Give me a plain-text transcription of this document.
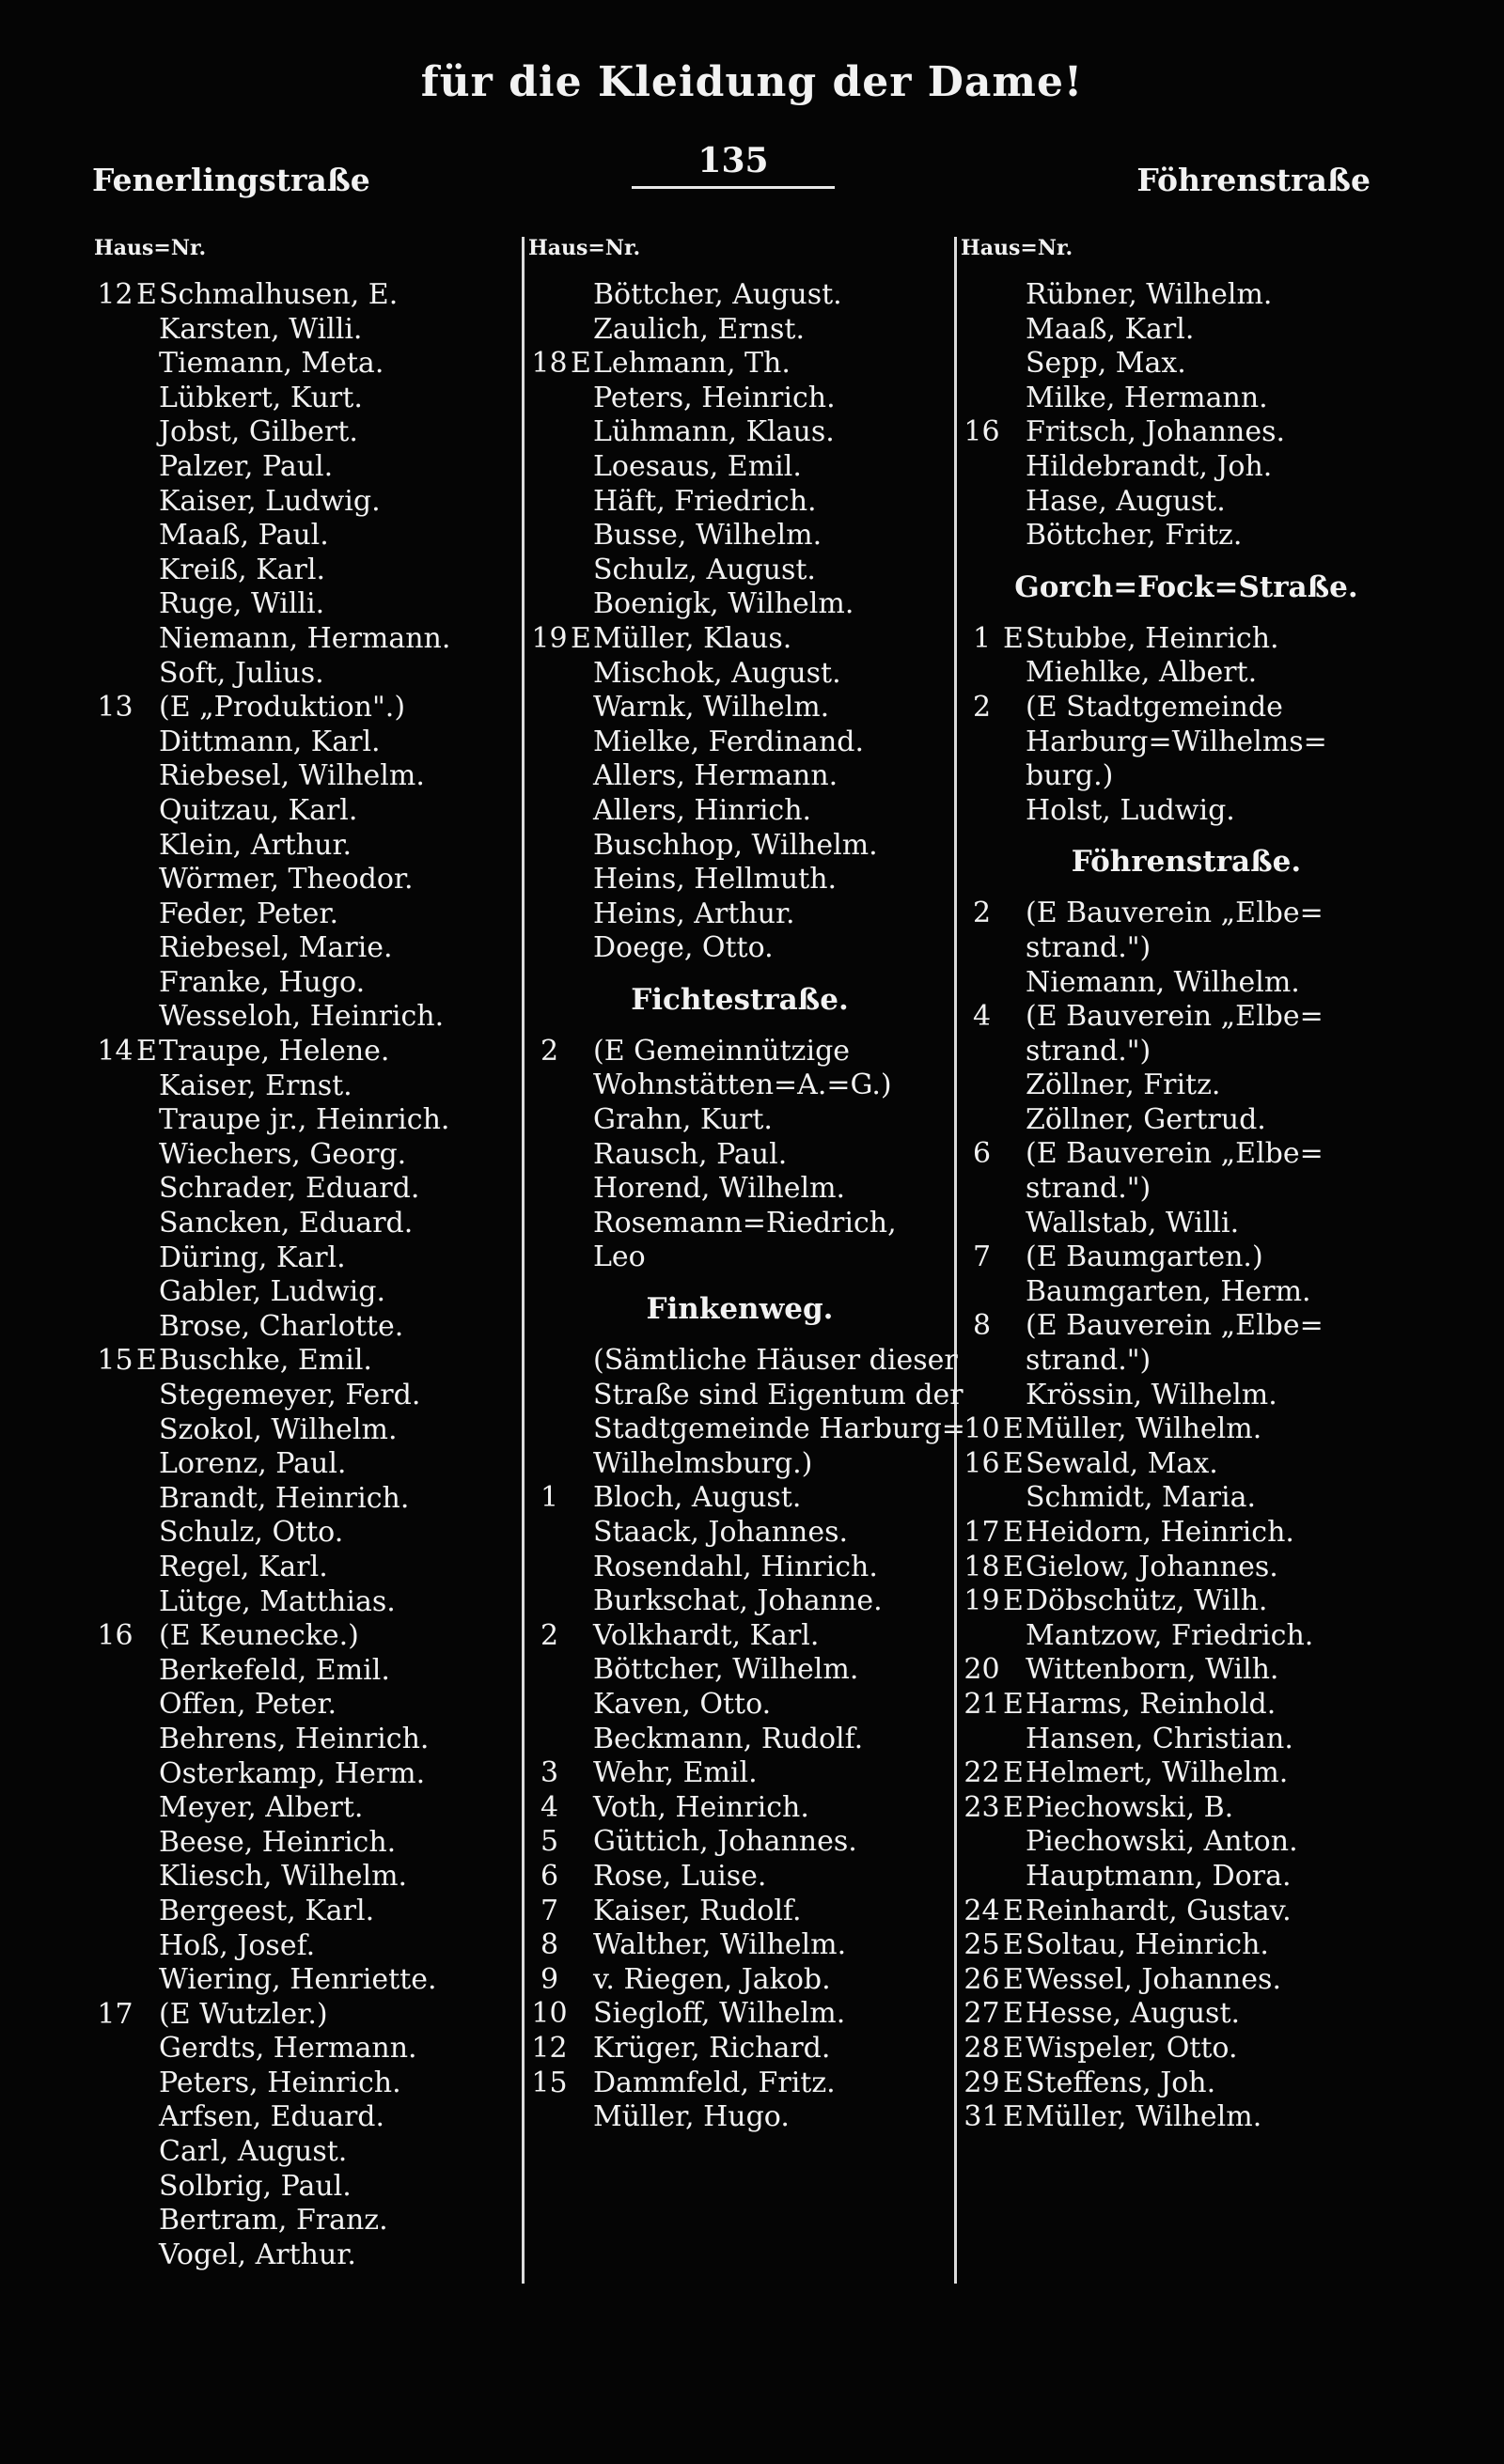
für die Kleidung der Dame!
Fenerlingstraße	135	Föhrenstraße
Haus=Nr.
12 E Schmalhusen, E.
Karsten, Willi.
Tiemann, Meta.
Lübkert, Kurt.
Jobst, Gilbert.
Palzer, Paul.
Kaiser, Ludwig.
Maaß, Paul.
Kreiß, Karl.
Ruge, Willi.
Niemann, Hermann.
Soft, Julius.
13 (E „Produktion".)
Dittmann, Karl.
Riebesel, Wilhelm.
Quitzau, Karl.
Klein, Arthur.
Wörmer, Theodor.
Feder, Peter.
Riebesel, Marie.
Franke, Hugo.
Wesseloh, Heinrich.
14 E Traupe, Helene.
Kaiser, Ernst.
Traupe jr., Heinrich.
Wiechers, Georg.
Schrader, Eduard.
Sancken, Eduard.
Düring, Karl.
Gabler, Ludwig.
Brose, Charlotte.
15 E Buschke, Emil.
Stegemeyer, Ferd.
Szokol, Wilhelm.
Lorenz, Paul.
Brandt, Heinrich.
Schulz, Otto.
Regel, Karl.
Lütge, Matthias.
16 (E Keunecke.)
Berkefeld, Emil.
Offen, Peter.
Behrens, Heinrich.
Osterkamp, Herm.
Meyer, Albert.
Beese, Heinrich.
Kliesch, Wilhelm.
Bergeest, Karl.
Hoß, Josef.
Wiering, Henriette.
17 (E Wutzler.)
Gerdts, Hermann.
Peters, Heinrich.
Arfsen, Eduard.
Carl, August.
Solbrig, Paul.
Bertram, Franz.
Vogel, Arthur.
Haus=Nr.
Böttcher, August.
Zaulich, Ernst.
18 E Lehmann, Th.
Peters, Heinrich.
Lühmann, Klaus.
Loesaus, Emil.
Häft, Friedrich.
Busse, Wilhelm.
Schulz, August.
Boenigk, Wilhelm.
19 E Müller, Klaus.
Mischok, August.
Warnk, Wilhelm.
Mielke, Ferdinand.
Allers, Hermann.
Allers, Hinrich.
Buschhop, Wilhelm.
Heins, Hellmuth.
Heins, Arthur.
Doege, Otto.
Fichtestraße.
2	(E Gemeinnützige
Wohnstätten=A.=G.)
Grahn, Kurt.
Rausch, Paul.
Horend, Wilhelm.
Rosemann=Riedrich,
Leo
Finkenweg.
(Sämtliche Häuser dieser
Straße sind Eigentum der
Stadtgemeinde Harburg=
Wilhelmsburg.)
1	Bloch, August.
Staack, Johannes.
Rosendahl, Hinrich.
Burkschat, Johanne.
2	Volkhardt, Karl.
Böttcher, Wilhelm.
Kaven, Otto.
Beckmann, Rudolf.
3	Wehr, Emil.
4	Voth, Heinrich.
5	Güttich, Johannes.
6	Rose, Luise.
7	Kaiser, Rudolf.
8	Walther, Wilhelm.
9	v. Riegen, Jakob.
10 Siegloff, Wilhelm.
12 Krüger, Richard.
15 Dammfeld, Fritz.
Müller, Hugo.
Haus=Nr.
Rübner, Wilhelm.
Maaß, Karl.
Sepp, Max.
Milke, Hermann.
16 Fritsch, Johannes.
Hildebrandt, Joh.
Hase, August.
Böttcher, Fritz.
Gorch=Fock=Straße.
1 E Stubbe, Heinrich.
Miehlke, Albert.
2	(E Stadtgemeinde
Harburg=Wilhelms=
burg.)
Holst, Ludwig.
Föhrenstraße.
2	(E Bauverein „Elbe=
strand.")
Niemann, Wilhelm.
4	(E Bauverein „Elbe=
strand.")
Zöllner, Fritz.
Zöllner, Gertrud.
6	(E Bauverein „Elbe=
strand.")
Wallstab, Willi.
7	(E Baumgarten.)
Baumgarten, Herm.
8	(E Bauverein „Elbe=
strand.")
Krössin, Wilhelm.
10 E Müller, Wilhelm.
16 E Sewald, Max.
Schmidt, Maria.
17 E Heidorn, Heinrich.
18 E Gielow, Johannes.
19 E Döbschütz, Wilh.
Mantzow, Friedrich.
20 Wittenborn, Wilh.
21 E Harms, Reinhold.
Hansen, Christian.
22 E Helmert, Wilhelm.
23 E Piechowski, B.
Piechowski, Anton.
Hauptmann, Dora.
24 E Reinhardt, Gustav.
25 E Soltau, Heinrich.
26 E Wessel, Johannes.
27 E Hesse, August.
28 E Wispeler, Otto.
29 E Steffens, Joh.
31 E Müller, Wilhelm.
